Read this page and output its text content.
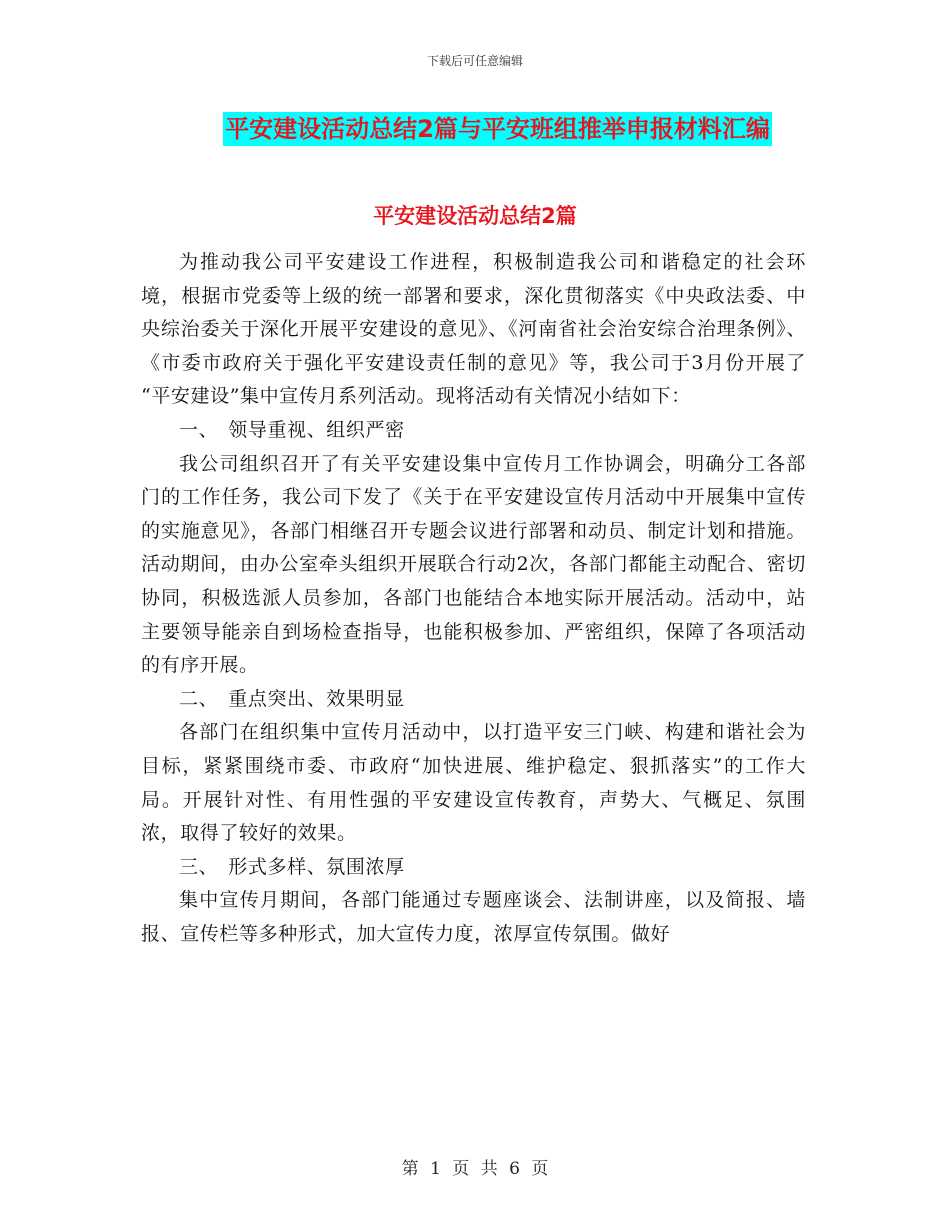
下载后可任意编辑
平安建设活动总结2篇与平安班组推举申报材料汇编
平安建设活动总结2篇

为推动我公司平安建设工作进程，积极制造我公司和谐稳定的社会环境，根据市党委等上级的统一部署和要求，深化贯彻落实《中央政法委、中央综治委关于深化开展平安建设的意见》、《河南省社会治安综合治理条例》、《市委市政府关于强化平安建设责任制的意见》等，我公司于3月份开展了 “平安建设”集中宣传月系列活动。现将活动有关情况小结如下：

一、　领导重视、组织严密

我公司组织召开了有关平安建设集中宣传月工作协调会，明确分工各部门的工作任务，我公司下发了《关于在平安建设宣传月活动中开展集中宣传的实施意见》，各部门相继召开专题会议进行部署和动员、制定计划和措施。活动期间，由办公室牵头组织开展联合行动2次，各部门都能主动配合、密切协同，积极选派人员参加，各部门也能结合本地实际开展活动。活动中，站主要领导能亲自到场检查指导，也能积极参加、严密组织，保障了各项活动的有序开展。

二、　重点突出、效果明显

各部门在组织集中宣传月活动中，以打造平安三门峡、构建和谐社会为目标，紧紧围绕市委、市政府“加快进展、维护稳定、狠抓落实”的工作大局。开展针对性、有用性强的平安建设宣传教育，声势大、气概足、氛围浓，取得了较好的效果。

三、　形式多样、氛围浓厚

集中宣传月期间，各部门能通过专题座谈会、法制讲座，以及简报、墙报、宣传栏等多种形式，加大宣传力度，浓厚宣传氛围。做好

第 1 页 共 6 页
